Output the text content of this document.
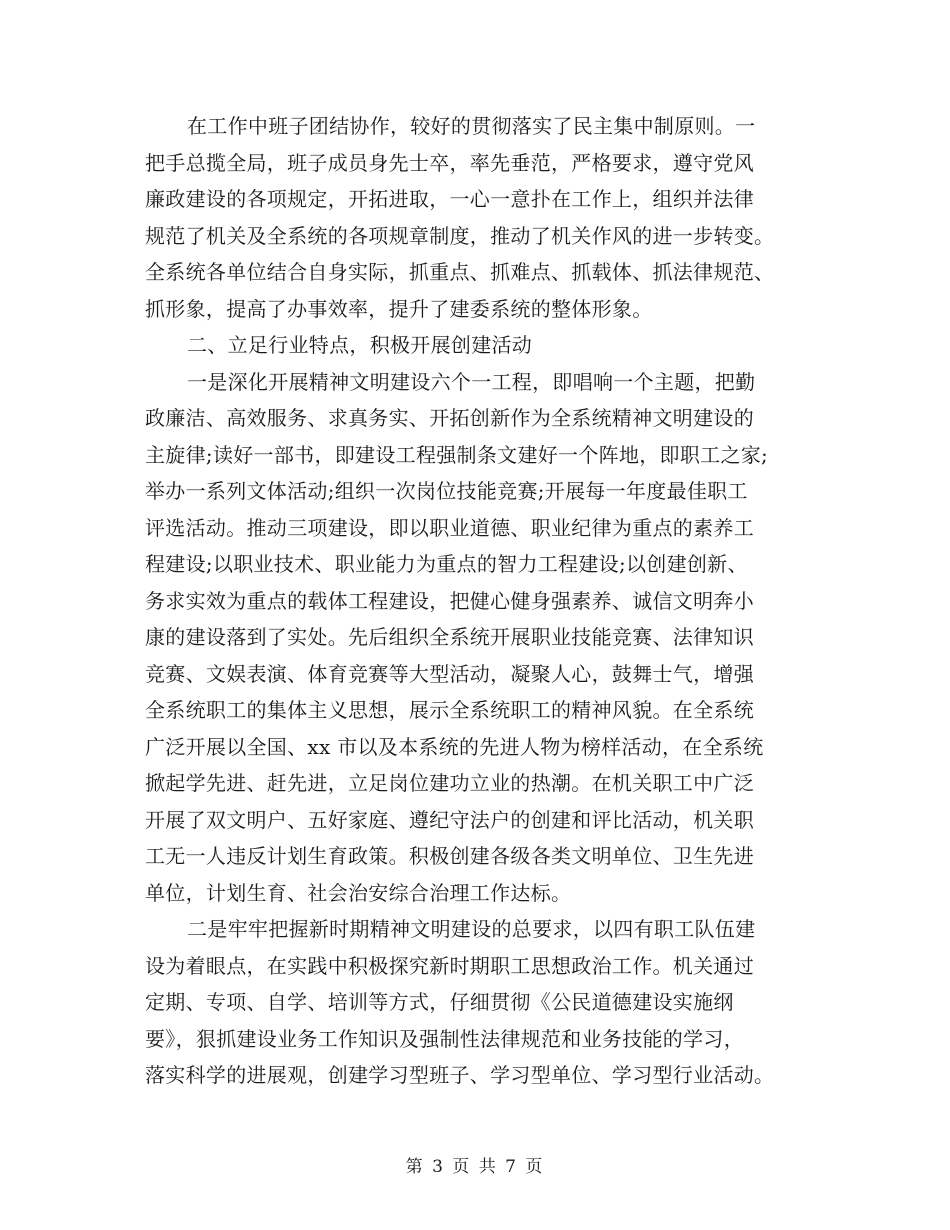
在工作中班子团结协作，较好的贯彻落实了民主集中制原则。一
把手总揽全局，班子成员身先士卒，率先垂范，严格要求，遵守党风
廉政建设的各项规定，开拓进取，一心一意扑在工作上，组织并法律
规范了机关及全系统的各项规章制度，推动了机关作风的进一步转变。
全系统各单位结合自身实际，抓重点、抓难点、抓载体、抓法律规范、
抓形象，提高了办事效率，提升了建委系统的整体形象。
二、立足行业特点，积极开展创建活动
一是深化开展精神文明建设六个一工程，即唱响一个主题，把勤
政廉洁、高效服务、求真务实、开拓创新作为全系统精神文明建设的
主旋律;读好一部书，即建设工程强制条文建好一个阵地，即职工之家;
举办一系列文体活动;组织一次岗位技能竞赛;开展每一年度最佳职工
评选活动。推动三项建设，即以职业道德、职业纪律为重点的素养工
程建设;以职业技术、职业能力为重点的智力工程建设;以创建创新、
务求实效为重点的载体工程建设，把健心健身强素养、诚信文明奔小
康的建设落到了实处。先后组织全系统开展职业技能竞赛、法律知识
竞赛、文娱表演、体育竞赛等大型活动，凝聚人心，鼓舞士气，增强
全系统职工的集体主义思想，展示全系统职工的精神风貌。在全系统
广泛开展以全国、xx 市以及本系统的先进人物为榜样活动，在全系统
掀起学先进、赶先进，立足岗位建功立业的热潮。在机关职工中广泛
开展了双文明户、五好家庭、遵纪守法户的创建和评比活动，机关职
工无一人违反计划生育政策。积极创建各级各类文明单位、卫生先进
单位，计划生育、社会治安综合治理工作达标。
二是牢牢把握新时期精神文明建设的总要求，以四有职工队伍建
设为着眼点，在实践中积极探究新时期职工思想政治工作。机关通过
定期、专项、自学、培训等方式，仔细贯彻《公民道德建设实施纲
要》，狠抓建设业务工作知识及强制性法律规范和业务技能的学习，
落实科学的进展观，创建学习型班子、学习型单位、学习型行业活动。
第 3 页 共 7 页
